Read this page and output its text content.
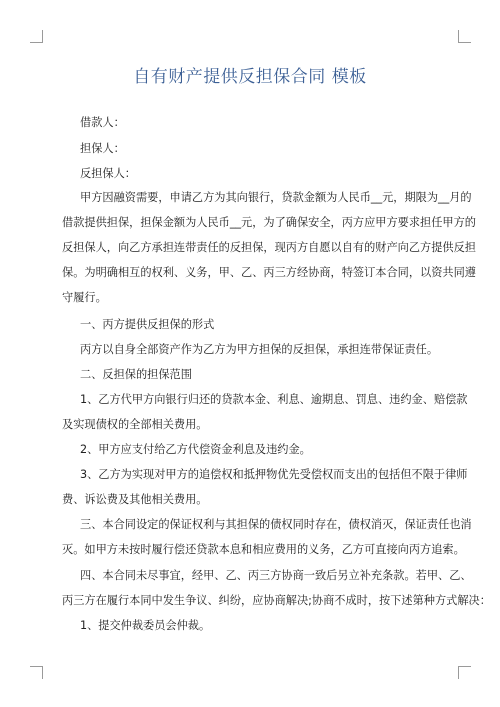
自有财产提供反担保合同 模板
借款人：
担保人：
反担保人：
甲方因融资需要，申请乙方为其向银行，贷款金额为人民币__元，期限为__月的
借款提供担保，担保金额为人民币__元，为了确保安全，丙方应甲方要求担任甲方的
反担保人，向乙方承担连带责任的反担保，现丙方自愿以自有的财产向乙方提供反担
保。为明确相互的权利、义务，甲、乙、丙三方经协商，特签订本合同，以资共同遵
守履行。
一、丙方提供反担保的形式
丙方以自身全部资产作为乙方为甲方担保的反担保，承担连带保证责任。
二、反担保的担保范围
1、乙方代甲方向银行归还的贷款本金、利息、逾期息、罚息、违约金、赔偿款
及实现债权的全部相关费用。
2、甲方应支付给乙方代偿资金利息及违约金。
3、乙方为实现对甲方的追偿权和抵押物优先受偿权而支出的包括但不限于律师
费、诉讼费及其他相关费用。
三、本合同设定的保证权利与其担保的债权同时存在，债权消灭，保证责任也消
灭。如甲方未按时履行偿还贷款本息和相应费用的义务，乙方可直接向丙方追索。
四、本合同未尽事宜，经甲、乙、丙三方协商一致后另立补充条款。若甲、乙、
丙三方在履行本同中发生争议、纠纷，应协商解决;协商不成时，按下述第种方式解决：
1、提交仲裁委员会仲裁。
